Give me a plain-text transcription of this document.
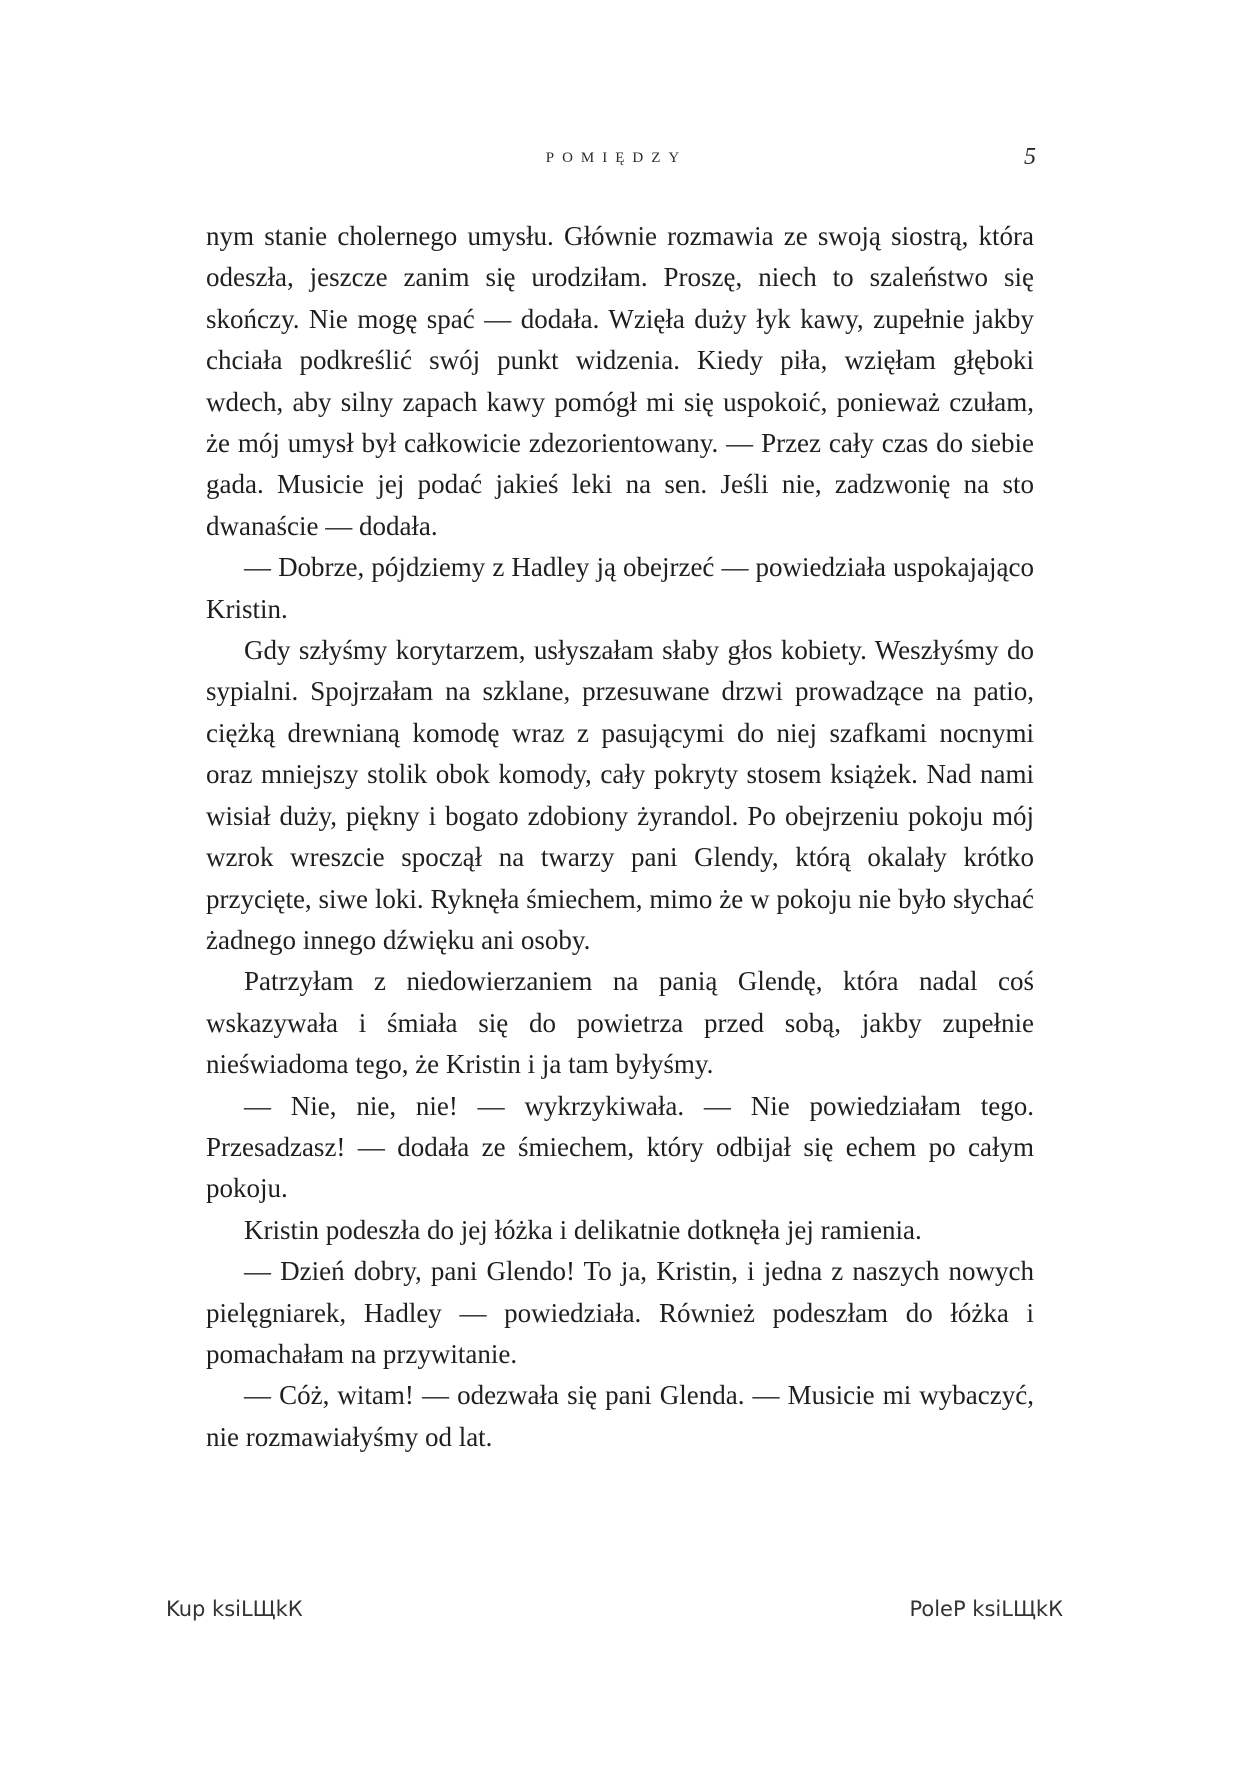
POMIĘDZY	5

nym stanie cholernego umysłu. Głównie rozmawia ze swoją siostrą, która odeszła, jeszcze zanim się urodziłam. Proszę, niech to szaleństwo się skończy. Nie mogę spać — dodała. Wzięła duży łyk kawy, zupełnie jakby chciała podkreślić swój punkt widzenia. Kiedy piła, wzięłam głęboki wdech, aby silny zapach kawy pomógł mi się uspokoić, ponieważ czułam, że mój umysł był całkowicie zdezorientowany. — Przez cały czas do siebie gada. Musicie jej podać jakieś leki na sen. Jeśli nie, zadzwonię na sto dwanaście — dodała.

— Dobrze, pójdziemy z Hadley ją obejrzeć — powiedziała uspokajająco Kristin.

Gdy szłyśmy korytarzem, usłyszałam słaby głos kobiety. Weszłyśmy do sypialni. Spojrzałam na szklane, przesuwane drzwi prowadzące na patio, ciężką drewnianą komodę wraz z pasującymi do niej szafkami nocnymi oraz mniejszy stolik obok komody, cały pokryty stosem książek. Nad nami wisiał duży, piękny i bogato zdobiony żyrandol. Po obejrzeniu pokoju mój wzrok wreszcie spoczął na twarzy pani Glendy, którą okalały krótko przycięte, siwe loki. Ryknęła śmiechem, mimo że w pokoju nie było słychać żadnego innego dźwięku ani osoby.

Patrzyłam z niedowierzaniem na panią Glendę, która nadal coś wskazywała i śmiała się do powietrza przed sobą, jakby zupełnie nieświadoma tego, że Kristin i ja tam byłyśmy.

— Nie, nie, nie! — wykrzykiwała. — Nie powiedziałam tego. Przesadzasz! — dodała ze śmiechem, który odbijał się echem po całym pokoju.

Kristin podeszła do jej łóżka i delikatnie dotknęła jej ramienia.

— Dzień dobry, pani Glendo! To ja, Kristin, i jedna z naszych nowych pielęgniarek, Hadley — powiedziała. Również podeszłam do łóżka i pomachałam na przywitanie.

— Cóż, witam! — odezwała się pani Glenda. — Musicie mi wybaczyć, nie rozmawiałyśmy od lat.

Kup ksiLЩkК	PoleР ksiLЩkК
